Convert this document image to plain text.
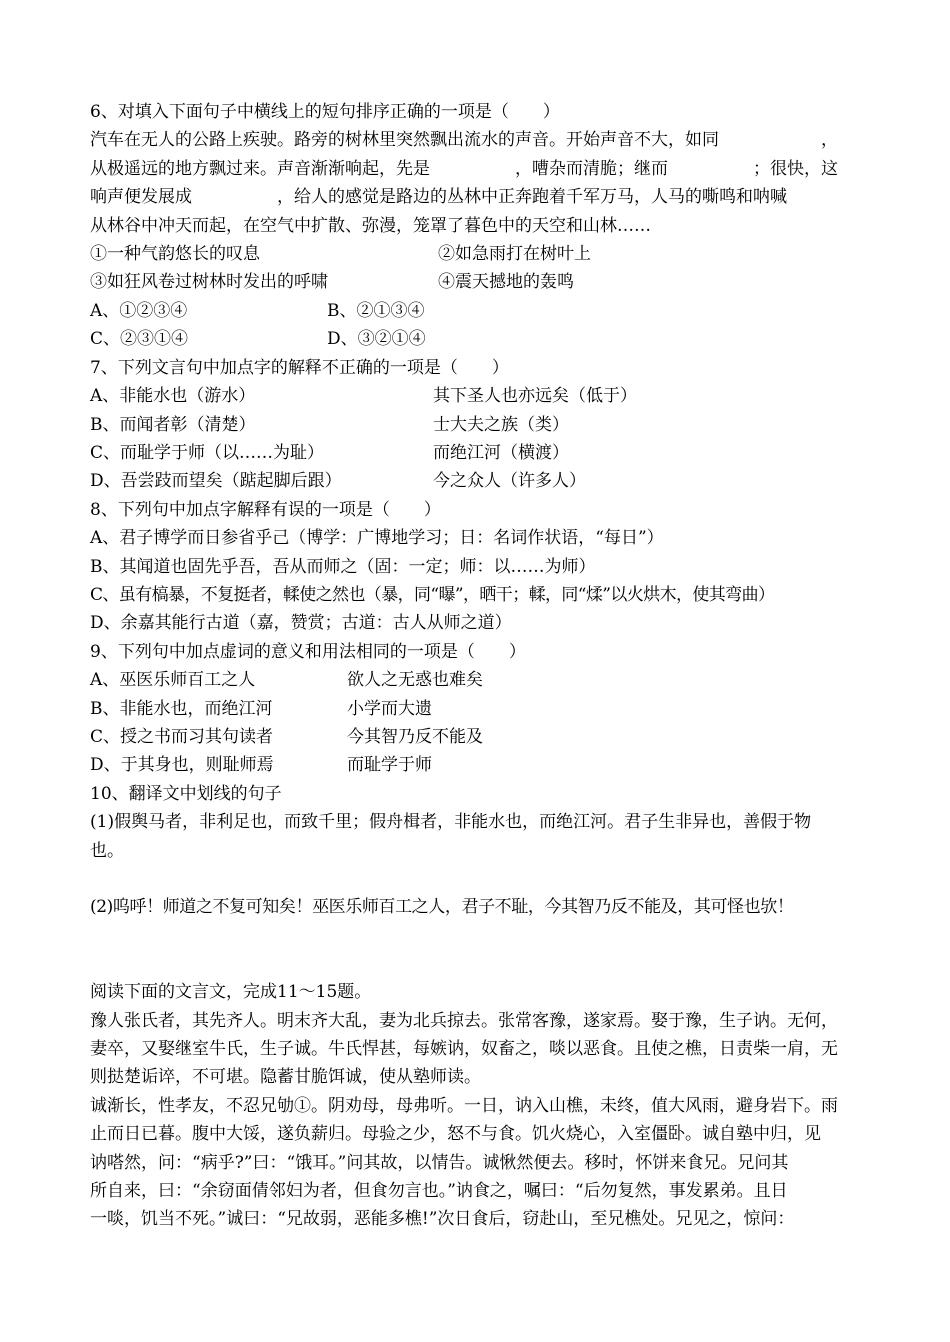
6、对填入下面句子中横线上的短句排序正确的一项是（　　）
汽车在无人的公路上疾驶。路旁的树林里突然飘出流水的声音。开始声音不大，如同　　　　　　，
从极遥远的地方飘过来。声音渐渐响起，先是　　　　　，嘈杂而清脆；继而　　　　　；很快，这
响声便发展成　　　　　，给人的感觉是路边的丛林中正奔跑着千军万马，人马的嘶鸣和呐喊
从林谷中冲天而起，在空气中扩散、弥漫，笼罩了暮色中的天空和山林……
①一种气韵悠长的叹息	②如急雨打在树叶上
③如狂风卷过树林时发出的呼啸	④震天撼地的轰鸣
A、①②③④	B、②①③④
C、②③①④	D、③②①④
7、下列文言句中加点字的解释不正确的一项是（　　）
A、非能水也（游水）	其下圣人也亦远矣（低于）
B、而闻者彰（清楚）	士大夫之族（类）
C、而耻学于师（以……为耻）	而绝江河（横渡）
D、吾尝跂而望矣（踮起脚后跟）	今之众人（许多人）
8、下列句中加点字解释有误的一项是（　　）
A、君子博学而日参省乎己（博学：广博地学习；日：名词作状语，“每日”）
B、其闻道也固先乎吾，吾从而师之（固：一定；师：以……为师）
C、虽有槁暴，不复挺者，輮使之然也（暴，同“曝”，晒干；輮，同“煣”以火烘木，使其弯曲）
D、余嘉其能行古道（嘉，赞赏；古道：古人从师之道）
9、下列句中加点虚词的意义和用法相同的一项是（　　）
A、巫医乐师百工之人	欲人之无惑也难矣
B、非能水也，而绝江河	小学而大遗
C、授之书而习其句读者	今其智乃反不能及
D、于其身也，则耻师焉	而耻学于师
10、翻译文中划线的句子
(1)假舆马者，非利足也，而致千里；假舟楫者，非能水也，而绝江河。君子生非异也，善假于物
也。
(2)呜呼！师道之不复可知矣！巫医乐师百工之人，君子不耻，今其智乃反不能及，其可怪也欤！
阅读下面的文言文，完成11～15题。
豫人张氏者，其先齐人。明末齐大乱，妻为北兵掠去。张常客豫，遂家焉。娶于豫，生子讷。无何，
妻卒，又娶继室牛氏，生子诚。牛氏悍甚，每嫉讷，奴畜之，啖以恶食。且使之樵，日责柴一肩，无
则挞楚诟谇，不可堪。隐蓄甘脆饵诚，使从塾师读。
诚渐长，性孝友，不忍兄劬①。阴劝母，母弗听。一日，讷入山樵，未终，值大风雨，避身岩下。雨
止而日已暮。腹中大馁，遂负薪归。母验之少，怒不与食。饥火烧心，入室僵卧。诚自塾中归，见
讷嗒然，问：“病乎?”曰：“饿耳。”问其故，以情告。诚愀然便去。移时，怀饼来食兄。兄问其
所自来，曰：“余窃面倩邻妇为者，但食勿言也。”讷食之，嘱曰：“后勿复然，事发累弟。且日
一啖，饥当不死。”诚曰：“兄故弱，恶能多樵!”次日食后，窃赴山，至兄樵处。兄见之，惊问：
